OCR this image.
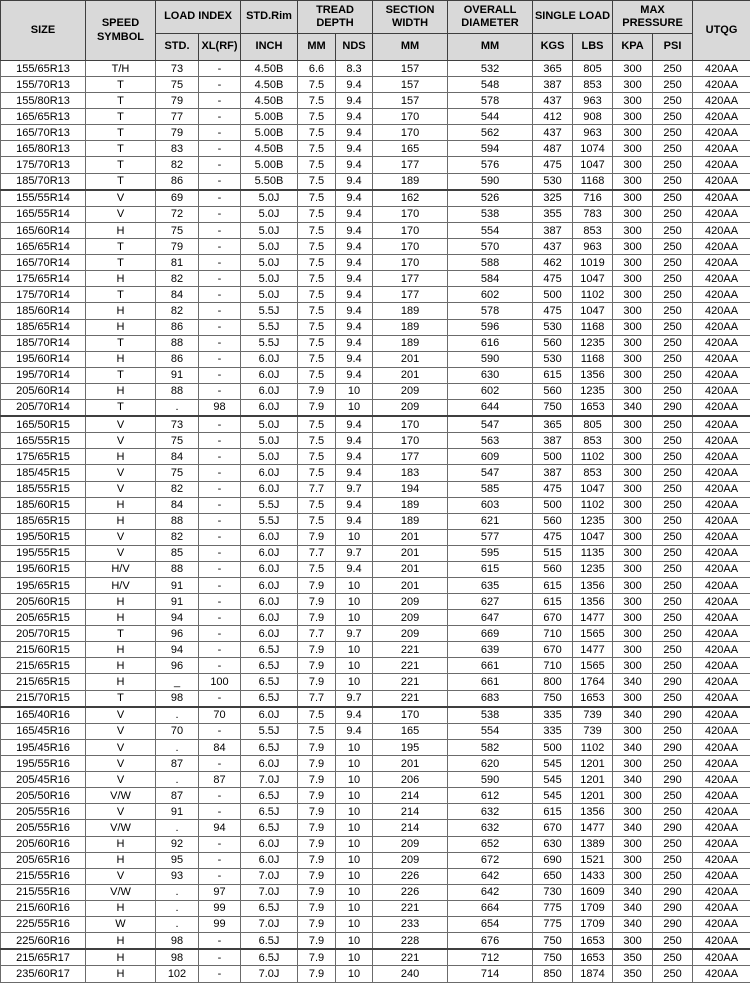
SIZE	SPEED SYMBOL	LOAD INDEX		STD.Rim	TREAD DEPTH		SECTION WIDTH	OVERALL DIAMETER	SINGLE LOAD		MAX PRESSURE		UTQG
		STD.	XL(RF)	INCH	MM	NDS	MM	MM	KGS	LBS	KPA	PSI	
155/65R13	T/H	73	-	4.50B	6.6	8.3	157	532	365	805	300	250	420AA
155/70R13	T	75	-	4.50B	7.5	9.4	157	548	387	853	300	250	420AA
155/80R13	T	79	-	4.50B	7.5	9.4	157	578	437	963	300	250	420AA
165/65R13	T	77	-	5.00B	7.5	9.4	170	544	412	908	300	250	420AA
165/70R13	T	79	-	5.00B	7.5	9.4	170	562	437	963	300	250	420AA
165/80R13	T	83	-	4.50B	7.5	9.4	165	594	487	1074	300	250	420AA
175/70R13	T	82	-	5.00B	7.5	9.4	177	576	475	1047	300	250	420AA
185/70R13	T	86	-	5.50B	7.5	9.4	189	590	530	1168	300	250	420AA
155/55R14	V	69	-	5.0J	7.5	9.4	162	526	325	716	300	250	420AA
165/55R14	V	72	-	5.0J	7.5	9.4	170	538	355	783	300	250	420AA
165/60R14	H	75	-	5.0J	7.5	9.4	170	554	387	853	300	250	420AA
165/65R14	T	79	-	5.0J	7.5	9.4	170	570	437	963	300	250	420AA
165/70R14	T	81	-	5.0J	7.5	9.4	170	588	462	1019	300	250	420AA
175/65R14	H	82	-	5.0J	7.5	9.4	177	584	475	1047	300	250	420AA
175/70R14	T	84	-	5.0J	7.5	9.4	177	602	500	1102	300	250	420AA
185/60R14	H	82	-	5.5J	7.5	9.4	189	578	475	1047	300	250	420AA
185/65R14	H	86	-	5.5J	7.5	9.4	189	596	530	1168	300	250	420AA
185/70R14	T	88	-	5.5J	7.5	9.4	189	616	560	1235	300	250	420AA
195/60R14	H	86	-	6.0J	7.5	9.4	201	590	530	1168	300	250	420AA
195/70R14	T	91	-	6.0J	7.5	9.4	201	630	615	1356	300	250	420AA
205/60R14	H	88	-	6.0J	7.9	10	209	602	560	1235	300	250	420AA
205/70R14	T	.	98	6.0J	7.9	10	209	644	750	1653	340	290	420AA
165/50R15	V	73	-	5.0J	7.5	9.4	170	547	365	805	300	250	420AA
165/55R15	V	75	-	5.0J	7.5	9.4	170	563	387	853	300	250	420AA
175/65R15	H	84	-	5.0J	7.5	9.4	177	609	500	1102	300	250	420AA
185/45R15	V	75	-	6.0J	7.5	9.4	183	547	387	853	300	250	420AA
185/55R15	V	82	-	6.0J	7.7	9.7	194	585	475	1047	300	250	420AA
185/60R15	H	84	-	5.5J	7.5	9.4	189	603	500	1102	300	250	420AA
185/65R15	H	88	-	5.5J	7.5	9.4	189	621	560	1235	300	250	420AA
195/50R15	V	82	-	6.0J	7.9	10	201	577	475	1047	300	250	420AA
195/55R15	V	85	-	6.0J	7.7	9.7	201	595	515	1135	300	250	420AA
195/60R15	H/V	88	-	6.0J	7.5	9.4	201	615	560	1235	300	250	420AA
195/65R15	H/V	91	-	6.0J	7.9	10	201	635	615	1356	300	250	420AA
205/60R15	H	91	-	6.0J	7.9	10	209	627	615	1356	300	250	420AA
205/65R15	H	94	-	6.0J	7.9	10	209	647	670	1477	300	250	420AA
205/70R15	T	96	-	6.0J	7.7	9.7	209	669	710	1565	300	250	420AA
215/60R15	H	94	-	6.5J	7.9	10	221	639	670	1477	300	250	420AA
215/65R15	H	96	-	6.5J	7.9	10	221	661	710	1565	300	250	420AA
215/65R15	H	_	100	6.5J	7.9	10	221	661	800	1764	340	290	420AA
215/70R15	T	98	-	6.5J	7.7	9.7	221	683	750	1653	300	250	420AA
165/40R16	V	.	70	6.0J	7.5	9.4	170	538	335	739	340	290	420AA
165/45R16	V	70	-	5.5J	7.5	9.4	165	554	335	739	300	250	420AA
195/45R16	V	.	84	6.5J	7.9	10	195	582	500	1102	340	290	420AA
195/55R16	V	87	-	6.0J	7.9	10	201	620	545	1201	300	250	420AA
205/45R16	V	.	87	7.0J	7.9	10	206	590	545	1201	340	290	420AA
205/50R16	V/W	87	-	6.5J	7.9	10	214	612	545	1201	300	250	420AA
205/55R16	V	91	-	6.5J	7.9	10	214	632	615	1356	300	250	420AA
205/55R16	V/W	.	94	6.5J	7.9	10	214	632	670	1477	340	290	420AA
205/60R16	H	92	-	6.0J	7.9	10	209	652	630	1389	300	250	420AA
205/65R16	H	95	-	6.0J	7.9	10	209	672	690	1521	300	250	420AA
215/55R16	V	93	-	7.0J	7.9	10	226	642	650	1433	300	250	420AA
215/55R16	V/W	.	97	7.0J	7.9	10	226	642	730	1609	340	290	420AA
215/60R16	H	.	99	6.5J	7.9	10	221	664	775	1709	340	290	420AA
225/55R16	W	.	99	7.0J	7.9	10	233	654	775	1709	340	290	420AA
225/60R16	H	98	-	6.5J	7.9	10	228	676	750	1653	300	250	420AA
215/65R17	H	98	-	6.5J	7.9	10	221	712	750	1653	350	250	420AA
235/60R17	H	102	-	7.0J	7.9	10	240	714	850	1874	350	250	420AA
